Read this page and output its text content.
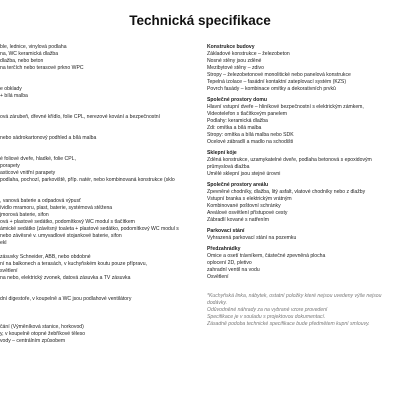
Technická specifikace
ble, lednice, vinylová podlaha
na, WC keramická dlažba
dlažba, nebo beton
na terčích nebo terasové prkno WPC
e obklady
+ bílá malba
ová zárubeň, dřevné křídlo, folie CPL, nerezové kování a bezpečnostní
nebo sádrokartonový podhled a bílá malba
é foliové dveře, hladké, folie CPL,
porapety
asticové vnitřní parapety
podlaha, pochozí, parkoviště, příp. natér, nebo kombinovaná konstrukce (sklo
, vanová baterie a odpadová výpusť
ívidlo mramoru, plast, baterie, systémová stěžena
jmorová baterie, sifon
ová + plastové sedátko, podomítkový WC modul s tlačítkem
ámické sedátko (závěsný toaleta + plastové sedátko, podomítkový WC modul s
nebo závěsné v. umyvadlové stojankové baterie, sifon
ekl
zásuvky Schneider, ABB, nebo obdobné
ní na balkonech a terasách, v kuchyňském koutu pouze přípravu,
světlení
na nebo, elektrický zvonek, datová zásuvka a TV zásuvka
dní digestoře, v koupelně a WC jsou podlahové ventilátory
čání (Výměníková stanice, horkovod)
y, v koupelně otopné žebříkové těleso
vody – centrálním způsobem
Konstrukce budovy
Základové konstrukce – železobeton
Nosné stěny jsou zděné
Mezibytové stěny – zdivo
Stropy – železobetonové monolitické nebo panelová konstrukce
Tepelná izolace – fasádní kontaktní zateplovací systém (KZS)
Povrch fasády – kombinace omítky a dekorativních prvků
Společné prostory domu
Hlavní vstupní dveře – hliníkové bezpečnostní s elektrickým zámkem,
Videotelefon s tlačítkovým panelem
Podlahy: keramická dlažba
Zdi: omítka a bílá malba
Stropy: omítka a bílá malba nebo SDK
Ocelové zábradlí a madlo na schodišti
Sklepní kóje
Zděná konstrukce, uzamykatelné dveře, podlaha betonová s epoxidovým
průmyslová dlažba
Umělé sklepní jsou stejné úrovni
Společné prostory areálu
Zpevněné chodníky, dlažba, litý asfalt, vlatové chodníky nebo z dlažby
Vstupní branka s elektrickým vrátným
Kombinované poštovní schránky
Areálové osvětlení přístupové cesty
Zábradlí kované s natřením
Parkovací stání
Vyhrazená parkovací stání na pozemku
Předzahrádky
Omice a osetí trávníkem, částečné zpevněná plocha
oplocení 2D, pletivo
zahradní ventil na vodu
Osvětlení
*Kuchyňská linka, nábytek, ostatní položky které nejsou uvedeny výše nejsou
dodávky.
Odůvodněné náhrady za na vybrané vzore provedení
Specifikace je v souladu s projektovou dokumentací.
Zásadně podoba technické specifikace bude předmětem kupní smlouvy.
